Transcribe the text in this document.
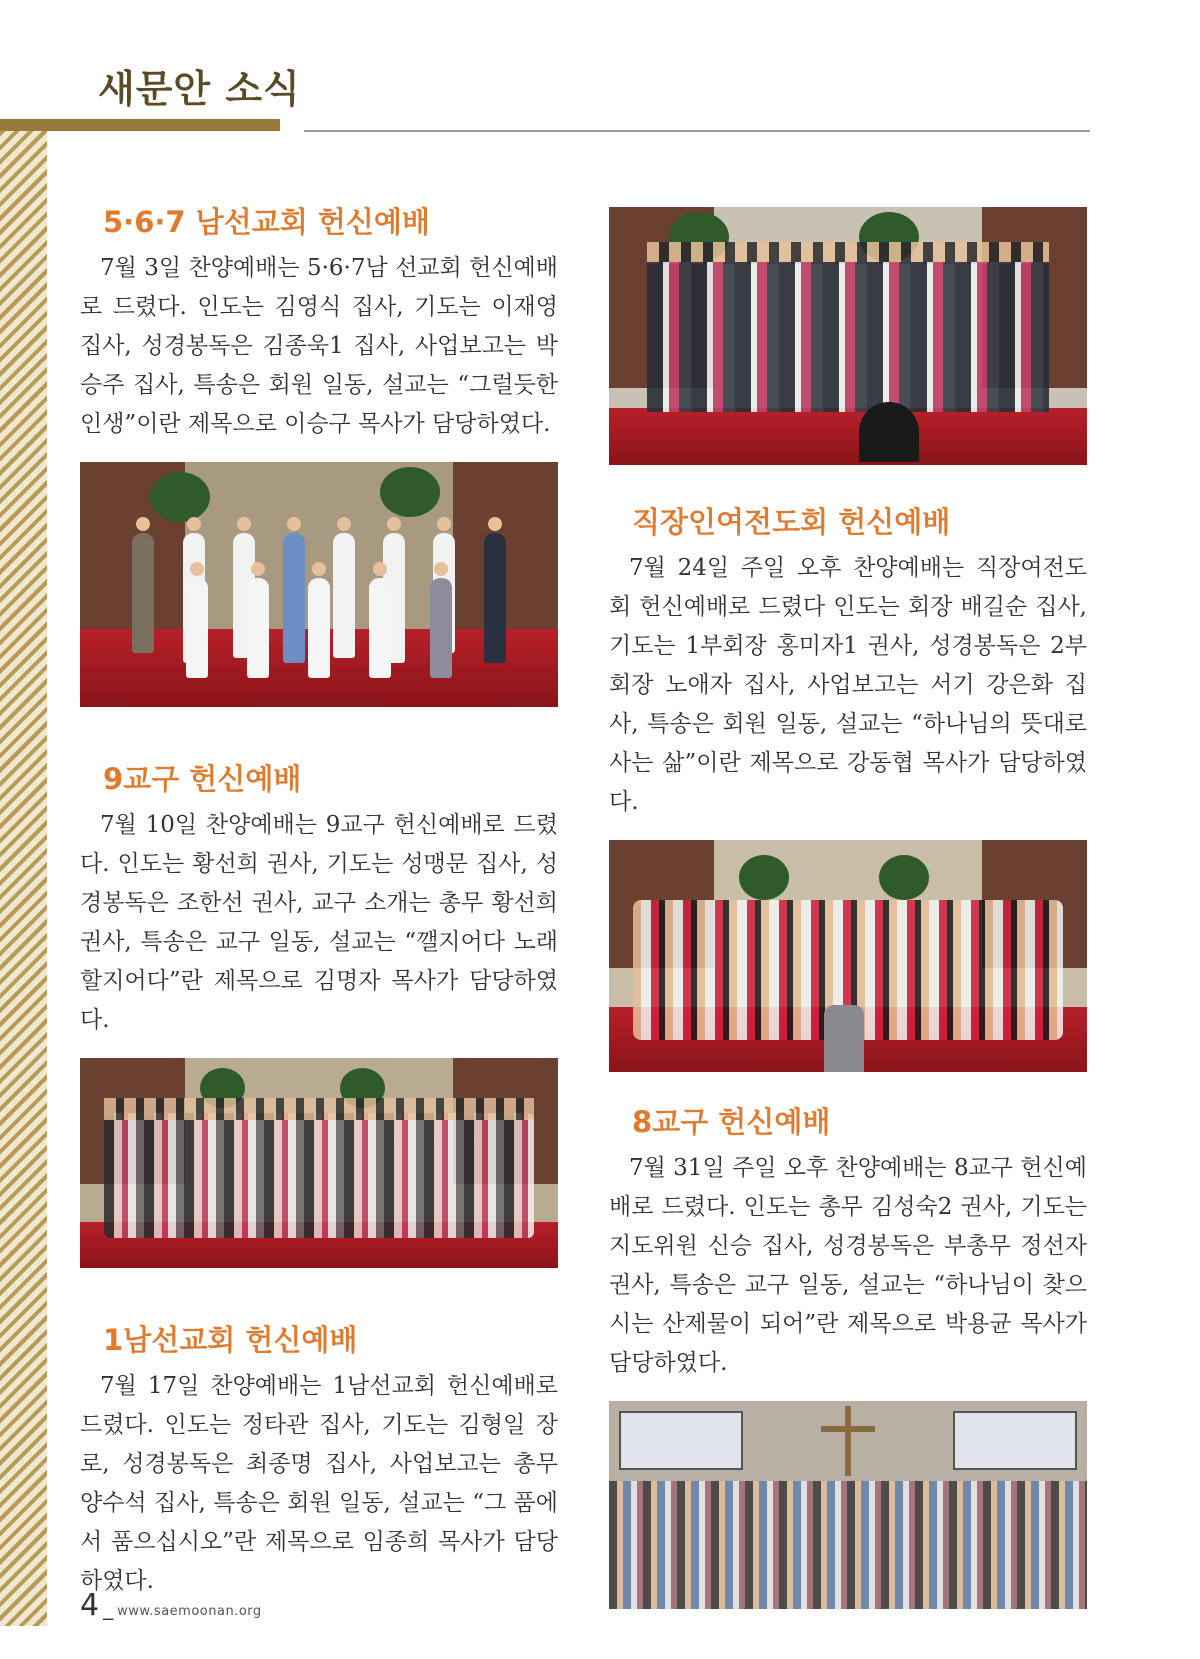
새문안 소식
5·6·7 남선교회 헌신예배

7월 3일 찬양예배는 5·6·7남 선교회 헌신예배로 드렸다. 인도는 김영식 집사, 기도는 이재영 집사, 성경봉독은 김종욱1 집사, 사업보고는 박승주 집사, 특송은 회원 일동, 설교는 “그럴듯한 인생”이란 제목으로 이승구 목사가 담당하였다.

9교구 헌신예배

7월 10일 찬양예배는 9교구 헌신예배로 드렸다. 인도는 황선희 권사, 기도는 성맹문 집사, 성경봉독은 조한선 권사, 교구 소개는 총무 황선희 권사, 특송은 교구 일동, 설교는 “깰지어다 노래할지어다”란 제목으로 김명자 목사가 담당하였다.

1남선교회 헌신예배

7월 17일 찬양예배는 1남선교회 헌신예배로 드렸다. 인도는 정타관 집사, 기도는 김형일 장로, 성경봉독은 최종명 집사, 사업보고는 총무 양수석 집사, 특송은 회원 일동, 설교는 “그 품에서 품으십시오”란 제목으로 임종희 목사가 담당하였다.

직장인여전도회 헌신예배

7월 24일 주일 오후 찬양예배는 직장여전도회 헌신예배로 드렸다 인도는 회장 배길순 집사, 기도는 1부회장 홍미자1 권사, 성경봉독은 2부회장 노애자 집사, 사업보고는 서기 강은화 집사, 특송은 회원 일동, 설교는 “하나님의 뜻대로 사는 삶”이란 제목으로 강동협 목사가 담당하였다.

8교구 헌신예배

7월 31일 주일 오후 찬양예배는 8교구 헌신예배로 드렸다. 인도는 총무 김성숙2 권사, 기도는 지도위원 신승 집사, 성경봉독은 부총무 정선자 권사, 특송은 교구 일동, 설교는 “하나님이 찾으시는 산제물이 되어”란 제목으로 박용균 목사가 담당하였다.

4 _ www.saemoonan.org
